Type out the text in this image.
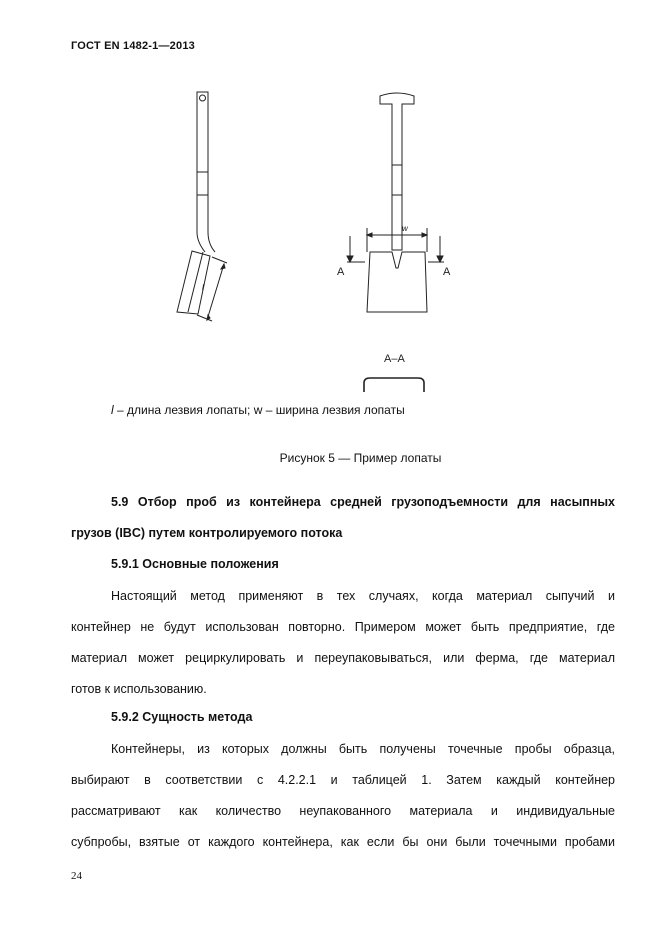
ГОСТ EN 1482-1—2013
l
w
A	A
A–A
l – длина лезвия лопаты; w – ширина лезвия лопаты
Рисунок 5 — Пример лопаты
5.9 Отбор проб из контейнера средней грузоподъемности для насыпных
грузов (IBC) путем контролируемого потока
5.9.1 Основные положения
Настоящий метод применяют в тех случаях, когда материал сыпучий и
контейнер не будут использован повторно. Примером может быть предприятие, где
материал может рециркулировать и переупаковываться, или ферма, где материал
готов к использованию.
5.9.2 Сущность метода
Контейнеры, из которых должны быть получены точечные пробы образца,
выбирают в соответствии с 4.2.2.1 и таблицей 1. Затем каждый контейнер
рассматривают как количество неупакованного материала и индивидуальные
субпробы, взятые от каждого контейнера, как если бы они были точечными пробами
24
